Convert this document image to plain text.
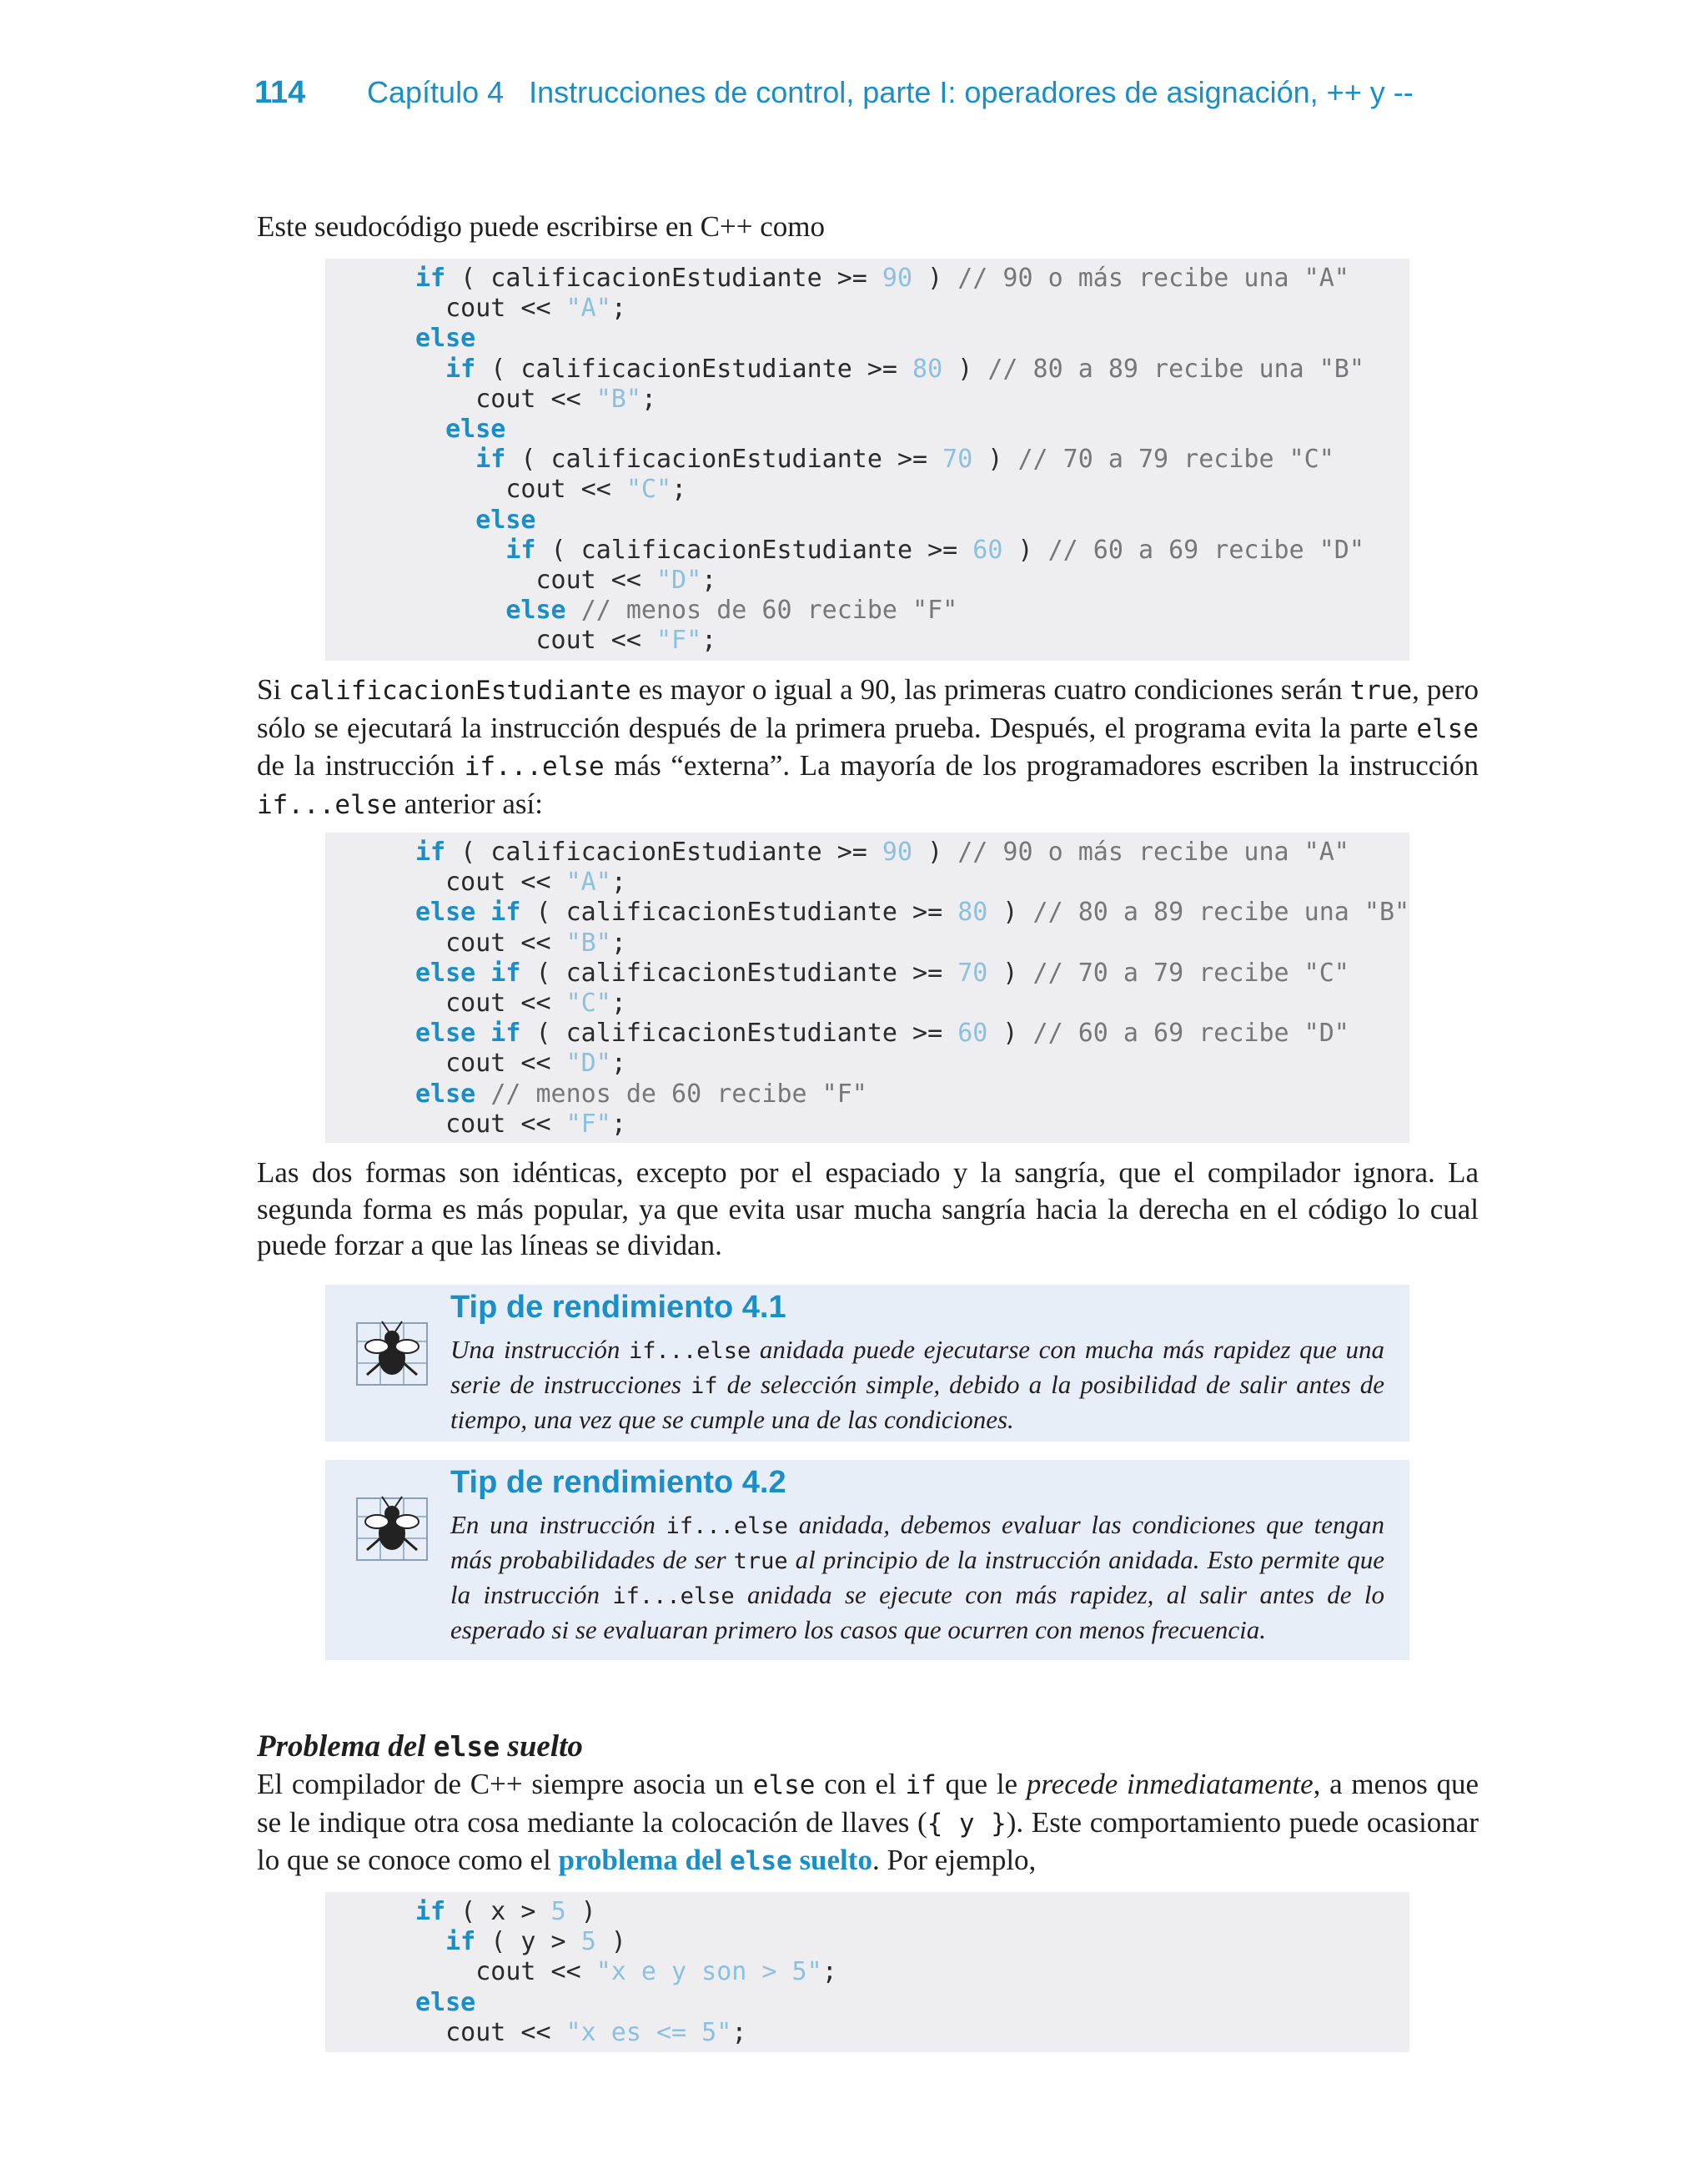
114 Capítulo 4 Instrucciones de control, parte I: operadores de asignación, ++ y --

Este seudocódigo puede escribirse en C++ como

if ( calificacionEstudiante >= 90 ) // 90 o más recibe una "A"
cout << "A";
else
if ( calificacionEstudiante >= 80 ) // 80 a 89 recibe una "B"
cout << "B";
else
if ( calificacionEstudiante >= 70 ) // 70 a 79 recibe "C"
cout << "C";
else
if ( calificacionEstudiante >= 60 ) // 60 a 69 recibe "D"
cout << "D";
else // menos de 60 recibe "F"
cout << "F";

Si calificacionEstudiante es mayor o igual a 90, las primeras cuatro condiciones serán true, pero sólo se ejecutará la instrucción después de la primera prueba. Después, el programa evita la parte else de la instrucción if...else más “externa”. La mayoría de los programadores escriben la instrucción if...else anterior así:

if ( calificacionEstudiante >= 90 ) // 90 o más recibe una "A"
cout << "A";
else if ( calificacionEstudiante >= 80 ) // 80 a 89 recibe una "B"
cout << "B";
else if ( calificacionEstudiante >= 70 ) // 70 a 79 recibe "C"
cout << "C";
else if ( calificacionEstudiante >= 60 ) // 60 a 69 recibe "D"
cout << "D";
else // menos de 60 recibe "F"
cout << "F";

Las dos formas son idénticas, excepto por el espaciado y la sangría, que el compilador ignora. La segunda forma es más popular, ya que evita usar mucha sangría hacia la derecha en el código lo cual puede forzar a que las líneas se dividan.

Tip de rendimiento 4.1

Una instrucción if...else anidada puede ejecutarse con mucha más rapidez que una serie de instrucciones if de selección simple, debido a la posibilidad de salir antes de tiempo, una vez que se cumple una de las condiciones.

Tip de rendimiento 4.2

En una instrucción if...else anidada, debemos evaluar las condiciones que tengan más probabilidades de ser true al principio de la instrucción anidada. Esto permite que la instrucción if...else anidada se ejecute con más rapidez, al salir antes de lo esperado si se evaluaran primero los casos que ocurren con menos frecuencia.

Problema del else suelto

El compilador de C++ siempre asocia un else con el if que le precede inmediatamente, a menos que se le indique otra cosa mediante la colocación de llaves ({ y }). Este comportamiento puede ocasionar lo que se conoce como el problema del else suelto. Por ejemplo,

if ( x > 5 )
if ( y > 5 )
cout << "x e y son > 5";
else
cout << "x es <= 5";
